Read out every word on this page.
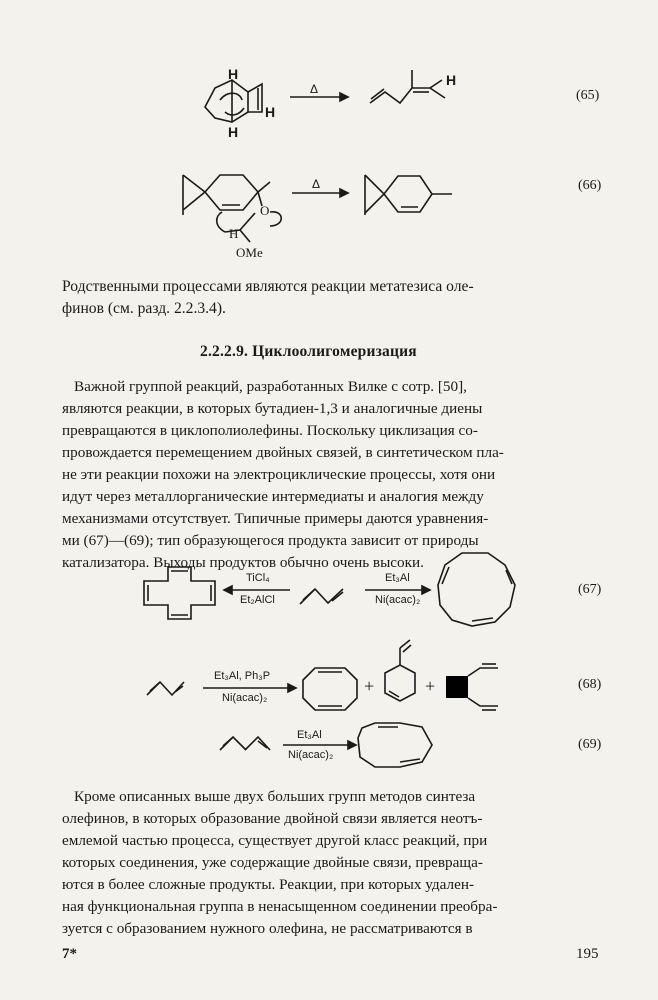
H
H
H
H
Δ	(65)
O
H
OMe
Δ	(66)
Родственными процессами являются реакции метатезиса оле-
финов (см. разд. 2.2.3.4).
2.2.2.9. Циклоолигомеризация
Важной группой реакций, разработанных Вилке с сотр. [50],
являются реакции, в которых бутадиен-1,3 и аналогичные диены
превращаются в циклополиолефины. Поскольку циклизация со-
провождается перемещением двойных связей, в синтетическом пла-
не эти реакции похожи на электроциклические процессы, хотя они
идут через металлорганические интермедиаты и аналогия между
механизмами отсутствует. Типичные примеры даются уравнения-
ми (67)—(69); тип образующегося продукта зависит от природы
катализатора. Выходы продуктов обычно очень высоки.
TiCl₄
Et₂AlCl
Et₃Al
Ni(acac)₂
(67)
Et₃Al, Ph₃P
Ni(acac)₂
+	+	(68)
Et₃Al
Ni(acac)₂
(69)
Кроме описанных выше двух больших групп методов синтеза
олефинов, в которых образование двойной связи является неотъ-
емлемой частью процесса, существует другой класс реакций, при
которых соединения, уже содержащие двойные связи, превраща-
ются в более сложные продукты. Реакции, при которых удален-
ная функциональная группа в ненасыщенном соединении преобра-
зуется с образованием нужного олефина, не рассматриваются в
7*	195
